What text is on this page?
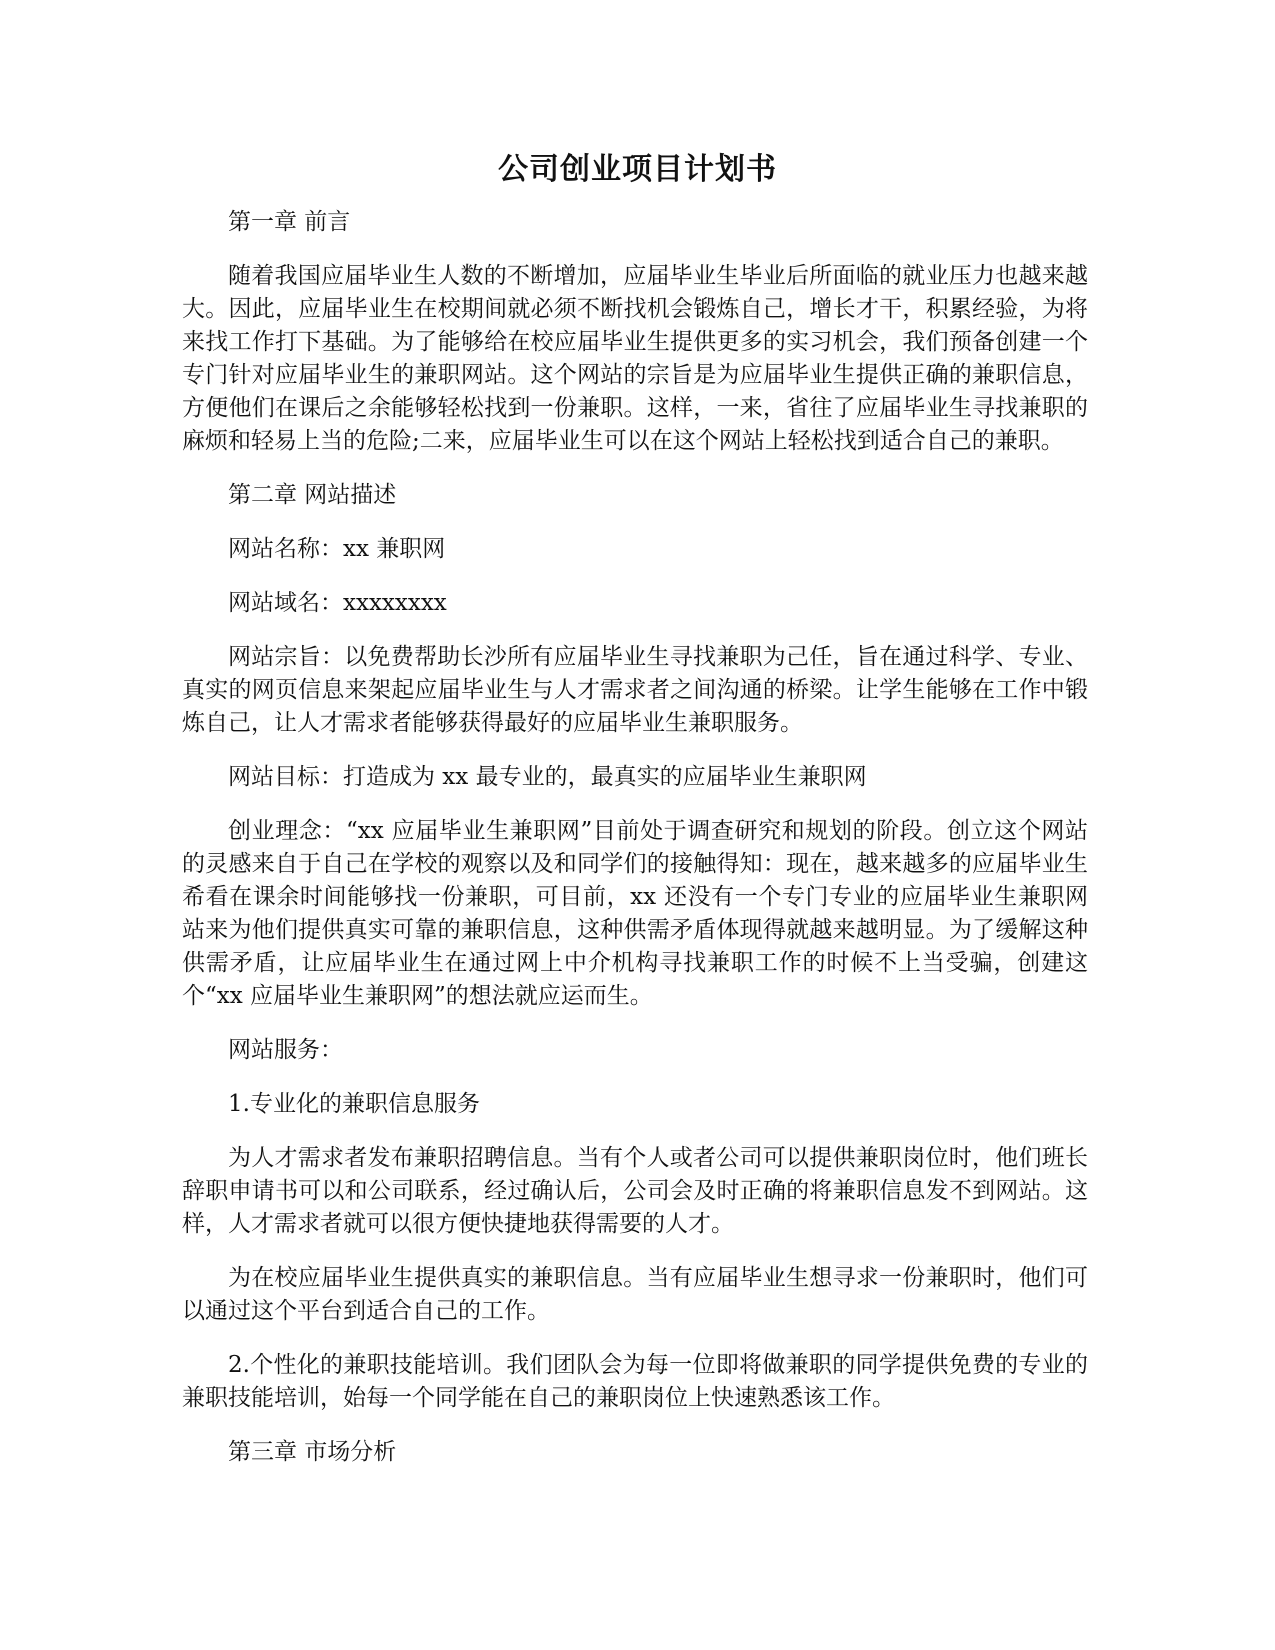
公司创业项目计划书

第一章 前言

随着我国应届毕业生人数的不断增加，应届毕业生毕业后所面临的就业压力也越来越大。因此，应届毕业生在校期间就必须不断找机会锻炼自己，增长才干，积累经验，为将来找工作打下基础。为了能够给在校应届毕业生提供更多的实习机会，我们预备创建一个专门针对应届毕业生的兼职网站。这个网站的宗旨是为应届毕业生提供正确的兼职信息，方便他们在课后之余能够轻松找到一份兼职。这样，一来，省往了应届毕业生寻找兼职的麻烦和轻易上当的危险;二来，应届毕业生可以在这个网站上轻松找到适合自己的兼职。

第二章 网站描述

网站名称：xx 兼职网

网站域名：xxxxxxxx

网站宗旨：以免费帮助长沙所有应届毕业生寻找兼职为己任，旨在通过科学、专业、真实的网页信息来架起应届毕业生与人才需求者之间沟通的桥梁。让学生能够在工作中锻炼自己，让人才需求者能够获得最好的应届毕业生兼职服务。

网站目标：打造成为 xx 最专业的，最真实的应届毕业生兼职网

创业理念：“xx 应届毕业生兼职网”目前处于调查研究和规划的阶段。创立这个网站的灵感来自于自己在学校的观察以及和同学们的接触得知：现在，越来越多的应届毕业生希看在课余时间能够找一份兼职，可目前，xx 还没有一个专门专业的应届毕业生兼职网站来为他们提供真实可靠的兼职信息，这种供需矛盾体现得就越来越明显。为了缓解这种供需矛盾，让应届毕业生在通过网上中介机构寻找兼职工作的时候不上当受骗，创建这个“xx 应届毕业生兼职网”的想法就应运而生。

网站服务：

1.专业化的兼职信息服务

为人才需求者发布兼职招聘信息。当有个人或者公司可以提供兼职岗位时，他们班长辞职申请书可以和公司联系，经过确认后，公司会及时正确的将兼职信息发不到网站。这样，人才需求者就可以很方便快捷地获得需要的人才。

为在校应届毕业生提供真实的兼职信息。当有应届毕业生想寻求一份兼职时，他们可以通过这个平台到适合自己的工作。

2.个性化的兼职技能培训。我们团队会为每一位即将做兼职的同学提供免费的专业的兼职技能培训，始每一个同学能在自己的兼职岗位上快速熟悉该工作。

第三章 市场分析
